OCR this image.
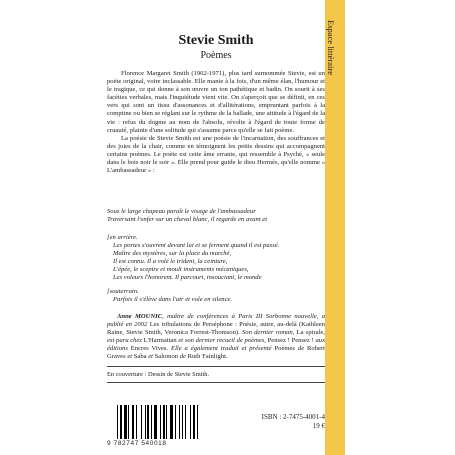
Espace littéraire
Stevie Smith
Poèmes

Florence Margaret Smith (1902-1971), plus tard surnommée Stevie, est un poète original, voire inclassable. Elle manie à la fois, d'un même élan, l'humour et le tragique, ce qui donne à son œuvre un ton pathétique et badin. On sourit à ses facéties verbales, mais l'inquiétude vient vite. On s'aperçoit que se définit, en ces vers qui sont un tissu d'assonances et d'allitérations, empruntant parfois à la comptine ou bien se réglant sur le rythme de la ballade, une attitude à l'égard de la vie : refus du dogme au nom de l'absolu, révolte à l'égard de toute forme de cruauté, plainte d'une solitude qui s'assume parce qu'elle se fait poème.

La poésie de Stevie Smith est une poésie de l'incarnation, des souffrances et des joies de la chair, comme en témoignent les petits dessins qui accompagnent certains poèmes. Le poète est cette âme errante, qui ressemble à Psyché, « seule dans le bois noir le soir ». Elle prend pour guide le dieu Hermès, qu'elle nomme « L'ambassadeur » :

Sous le large chapeau paraît le visage de l'ambassadeur
Traversant l'enfer sur un cheval blanc, il regarde en avant et
[en arrière.
Les portes s'ouvrent devant lui et se ferment quand il est passé.
Maître des mystères, sur la place du marché,
Il est connu. Il a volé le trident, la ceinture,
L'épée, le sceptre et moult instruments mécaniques,
Les voleurs l'honorent. Il parcourt, insouciant, le monde
[souterrain.
Parfois il s'élève dans l'air et vole en silence.

Anne MOUNIC, maître de conférences à Paris III Sorbonne nouvelle, a publié en 2002 Les tribulations de Perséphone : Poésie, autre, au-delà (Kathleen Raine, Stevie Smith, Veronica Forrest-Thomson). Son dernier roman, La spirale, est paru chez L'Harmattan et son dernier recueil de poèmes, Pensez ! Pensez ! aux éditions Encres Vives. Elle a également traduit et présenté Poèmes de Robert Graves et Saba et Salomon de Ruth Fainlight.

En couverture : Dessin de Stevie Smith.
9 782747 540018
ISBN : 2-7475-4001-4
19 €
